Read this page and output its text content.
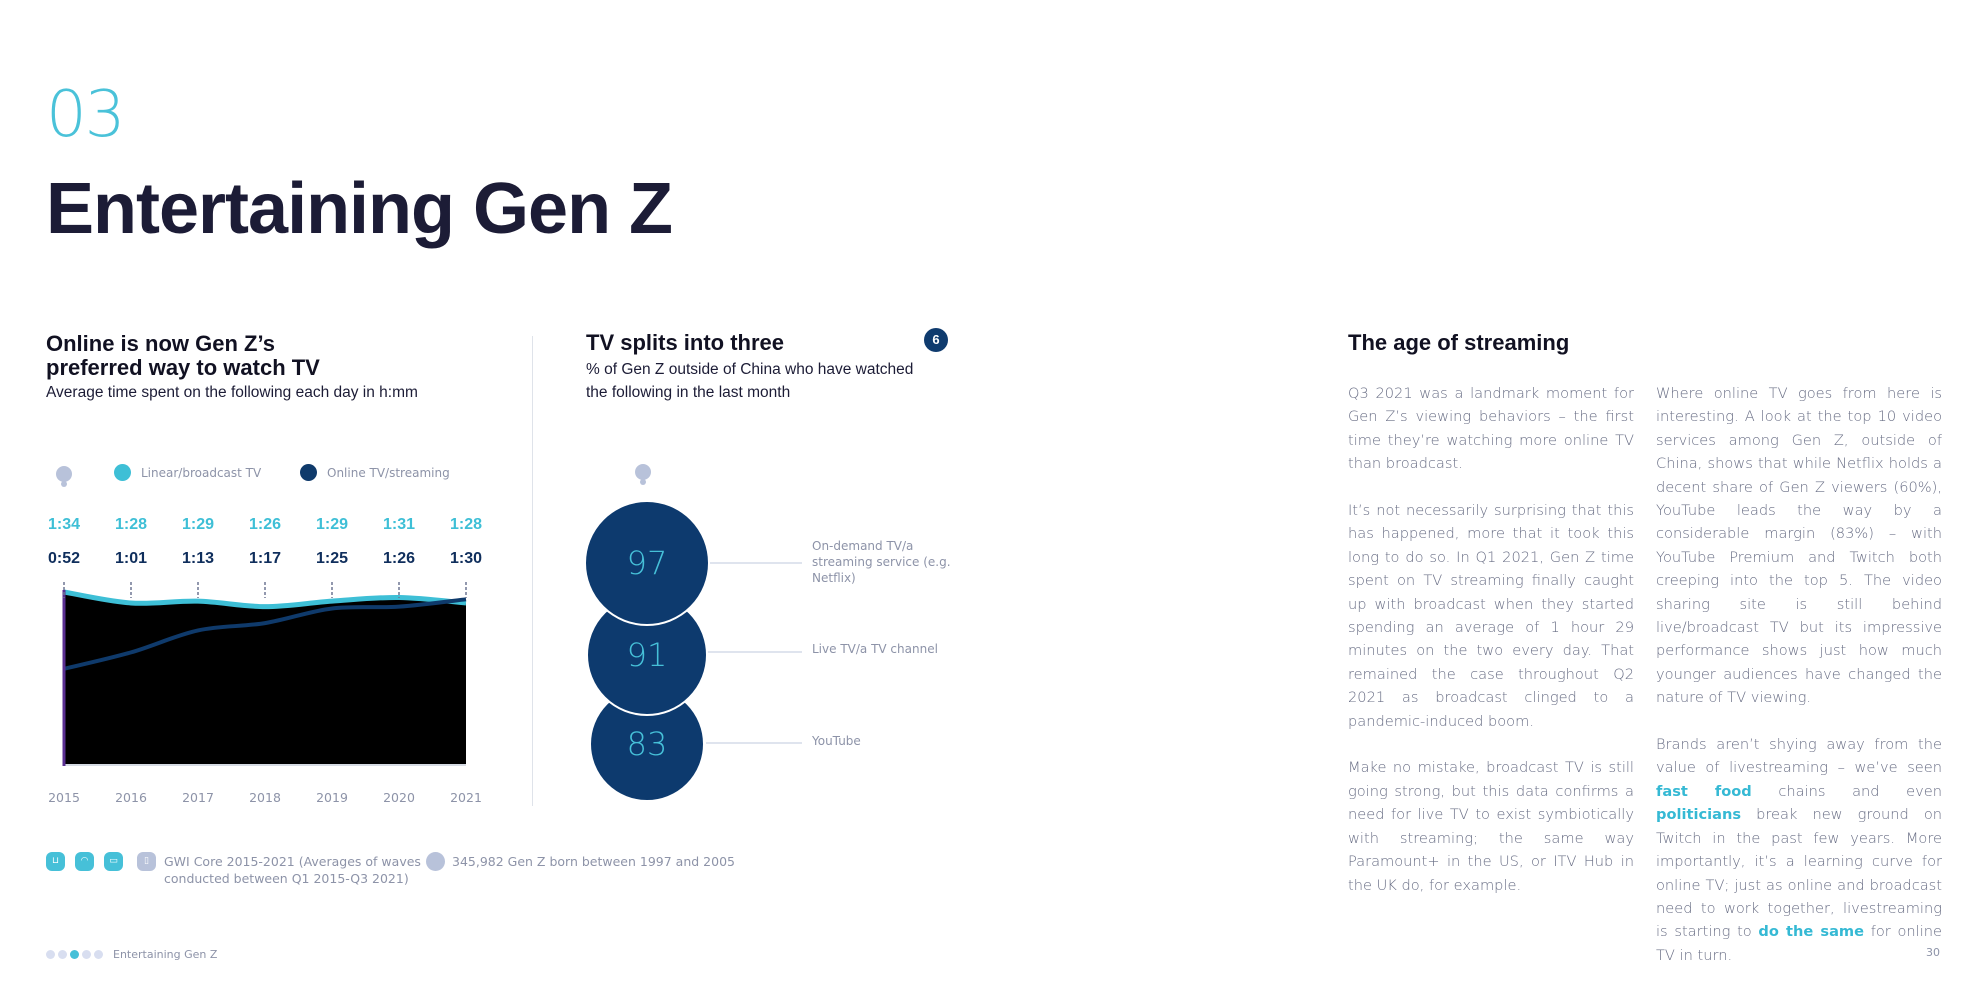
03
Entertaining Gen Z
Online is now Gen Z’s
preferred way to watch TV
Average time spent on the following each day in h:mm
Linear/broadcast TV	Online TV/streaming
1:34 1:28 1:29 1:26 1:29 1:31 1:28
0:52 1:01 1:13 1:17 1:25 1:26 1:30
2015	2016	2017	2018	2019	2020	2021
TV splits into three	6
% of Gen Z outside of China who have watched the following in the last month
97
91
83
On-demand TV/a streaming service (e.g. Netflix)
Live TV/a TV channel
YouTube
⊔	◠	▭	▯	GWI Core 2015-2021 (Averages of waves conducted between Q1 2015-Q3 2021)
345,982 Gen Z born between 1997 and 2005
Entertaining Gen Z	30
The age of streaming

Q3 2021 was a landmark moment for Gen Z’s viewing behaviors – the first time they’re watching more online TV than broadcast.

It’s not necessarily surprising that this has happened, more that it took this long to do so. In Q1 2021, Gen Z time spent on TV streaming finally caught up with broadcast when they started spending an average of 1 hour 29 minutes on the two every day. That remained the case throughout Q2 2021 as broadcast clinged to a pandemic-induced boom.

Make no mistake, broadcast TV is still going strong, but this data confirms a need for live TV to exist symbiotically with streaming; the same way Paramount+ in the US, or ITV Hub in the UK do, for example.

Where online TV goes from here is interesting. A look at the top 10 video services among Gen Z, outside of China, shows that while Netflix holds a decent share of Gen Z viewers (60%), YouTube leads the way by a considerable margin (83%) – with YouTube Premium and Twitch both creeping into the top 5. The video sharing site is still behind live/broadcast TV but its impressive performance shows just how much younger audiences have changed the nature of TV viewing.

Brands aren’t shying away from the value of livestreaming – we’ve seen fast food chains and even politicians break new ground on Twitch in the past few years. More importantly, it’s a learning curve for online TV; just as online and broadcast need to work together, livestreaming is starting to do the same for online TV in turn.
